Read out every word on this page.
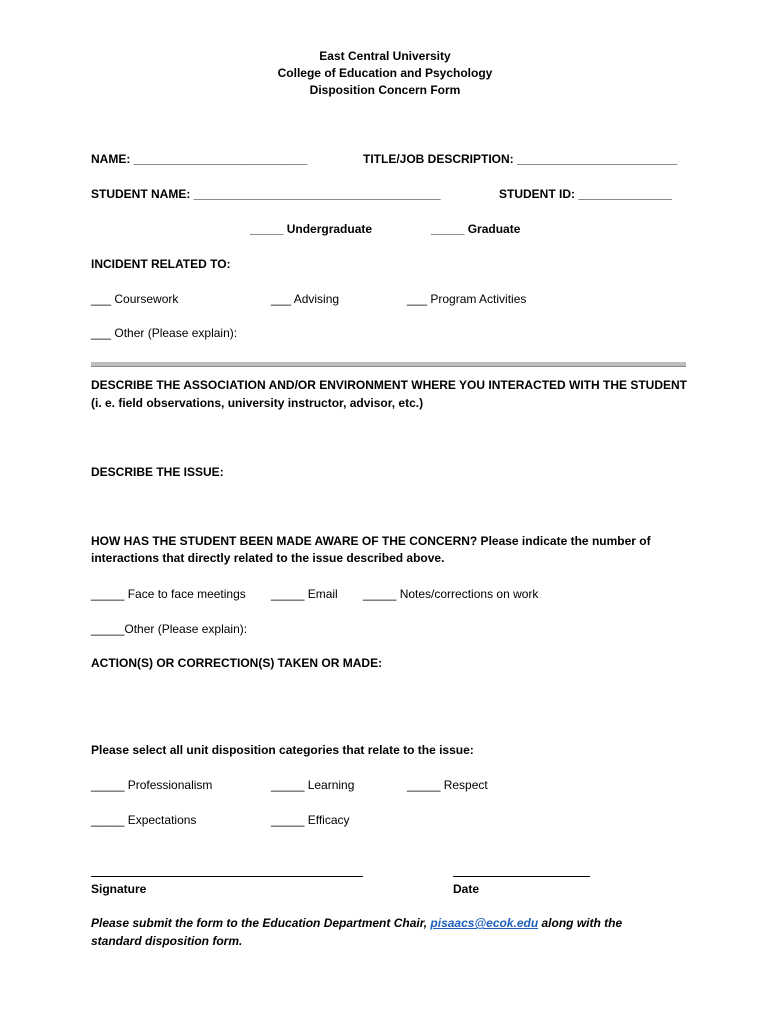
East Central University
College of Education and Psychology
Disposition Concern Form
NAME: __________________________	TITLE/JOB DESCRIPTION: ________________________
STUDENT NAME: _____________________________________	STUDENT ID: ______________
_____ Undergraduate	_____ Graduate
INCIDENT RELATED TO:
___ Coursework	___ Advising	___ Program Activities
___ Other (Please explain):
DESCRIBE THE ASSOCIATION AND/OR ENVIRONMENT WHERE YOU INTERACTED WITH THE STUDENT
(i. e. field observations, university instructor, advisor, etc.)
DESCRIBE THE ISSUE:
HOW HAS THE STUDENT BEEN MADE AWARE OF THE CONCERN? Please indicate the number of
interactions that directly related to the issue described above.
_____ Face to face meetings _____ Email _____ Notes/corrections on work
_____Other (Please explain):
ACTION(S) OR CORRECTION(S) TAKEN OR MADE:
Please select all unit disposition categories that relate to the issue:
_____ Professionalism	_____ Learning	_____ Respect
_____ Expectations	_____ Efficacy
Signature	Date
Please submit the form to the Education Department Chair, pisaacs@ecok.edu along with the
standard disposition form.
